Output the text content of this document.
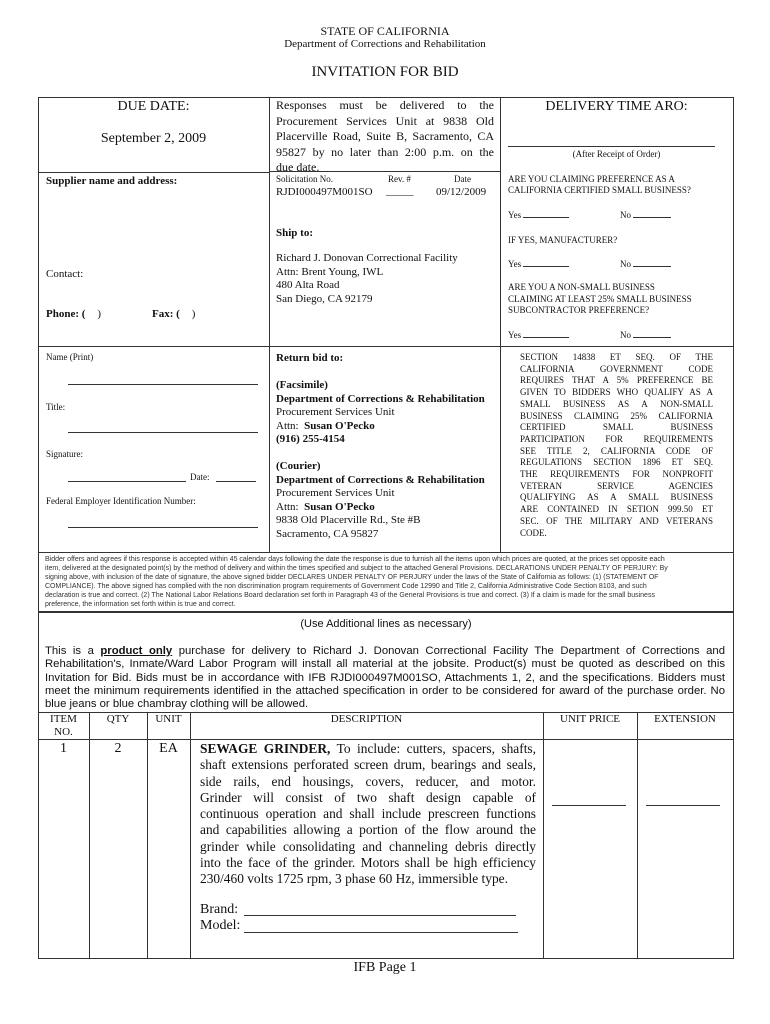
STATE OF CALIFORNIA
Department of Corrections and Rehabilitation
INVITATION FOR BID
DUE DATE:
September 2, 2009
Responses must be delivered to the
Procurement Services Unit at 9838 Old
Placerville Road, Suite B, Sacramento, CA
95827 by no later than 2:00 p.m. on the
due date.
DELIVERY TIME ARO:
(After Receipt of Order)
Supplier name and address:
Contact:
Phone: ( )	Fax: ( )
Solicitation No.	Rev. #	Date
RJDI000497M001SO _____ 09/12/2009
Ship to:
Richard J. Donovan Correctional Facility
Attn: Brent Young, IWL
480 Alta Road
San Diego, CA 92179
ARE YOU CLAIMING PREFERENCE AS A
CALIFORNIA CERTIFIED SMALL BUSINESS?
Yes	No
IF YES, MANUFACTURER?
Yes	No
ARE YOU A NON-SMALL BUSINESS
CLAIMING AT LEAST 25% SMALL BUSINESS
SUBCONTRACTOR PREFERENCE?
Yes	No
Name (Print)
Title:
Signature:
Date:
Federal Employer Identification Number:
Return bid to:
(Facsimile)
Department of Corrections & Rehabilitation
Procurement Services Unit
Attn: Susan O'Pecko
(916) 255-4154
(Courier)
Department of Corrections & Rehabilitation
Procurement Services Unit
Attn: Susan O'Pecko
9838 Old Placerville Rd., Ste #B
Sacramento, CA 95827
SECTION 14838 ET SEQ. OF THE
CALIFORNIA GOVERNMENT CODE
REQUIRES THAT A 5% PREFERENCE BE
GIVEN TO BIDDERS WHO QUALIFY AS A
SMALL BUSINESS AS A NON-SMALL
BUSINESS CLAIMING 25% CALIFORNIA
CERTIFIED SMALL BUSINESS
PARTICIPATION FOR REQUIREMENTS
SEE TITLE 2, CALIFORNIA CODE OF
REGULATIONS SECTION 1896 ET SEQ.
THE REQUIREMENTS FOR NONPROFIT
VETERAN SERVICE AGENCIES
QUALIFYING AS A SMALL BUSINESS
ARE CONTAINED IN SETION 999.50 ET
SEC. OF THE MILITARY AND VETERANS
CODE.
Bidder offers and agrees if this response is accepted within 45 calendar days following the date the response is due to furnish all the items upon which prices are quoted, at the prices set opposite each
item, delivered at the designated point(s) by the method of delivery and within the times specified and subject to the attached General Provisions. DECLARATIONS UNDER PENALTY OF PERJURY: By
signing above, with inclusion of the date of signature, the above signed bidder DECLARES UNDER PENALTY OF PERJURY under the laws of the State of California as follows: (1) (STATEMENT OF
COMPLIANCE). The above signed has complied with the non discrimination program requirements of Government Code 12990 and Title 2, California Administrative Code Section 8103, and such
declaration is true and correct. (2) The National Labor Relations Board declaration set forth in Paragraph 43 of the General Provisions is true and correct. (3) If a claim is made for the small business
preference, the information set forth within is true and correct.
(Use Additional lines as necessary)
This is a product only purchase for delivery to Richard J. Donovan Correctional Facility The Department of Corrections and
Rehabilitation's, Inmate/Ward Labor Program will install all material at the jobsite. Product(s) must be quoted as described on this
Invitation for Bid. Bids must be in accordance with IFB RJDI000497M001SO, Attachments 1, 2, and the specifications. Bidders must
meet the minimum requirements identified in the attached specification in order to be considered for award of the purchase order. No
blue jeans or blue chambray clothing will be allowed.
ITEM
NO.
QTY	UNIT	DESCRIPTION	UNIT PRICE	EXTENSION
1	2	EA	SEWAGE GRINDER, To include: cutters, spacers, shafts,
shaft extensions perforated screen drum, bearings and seals,
side rails, end housings, covers, reducer, and motor.
Grinder will consist of two shaft design capable of
continuous operation and shall include prescreen functions
and capabilities allowing a portion of the flow around the
grinder while consolidating and channeling debris directly
into the face of the grinder. Motors shall be high efficiency
230/460 volts 1725 rpm, 3 phase 60 Hz, immersible type.
Brand:
Model:
IFB Page 1
